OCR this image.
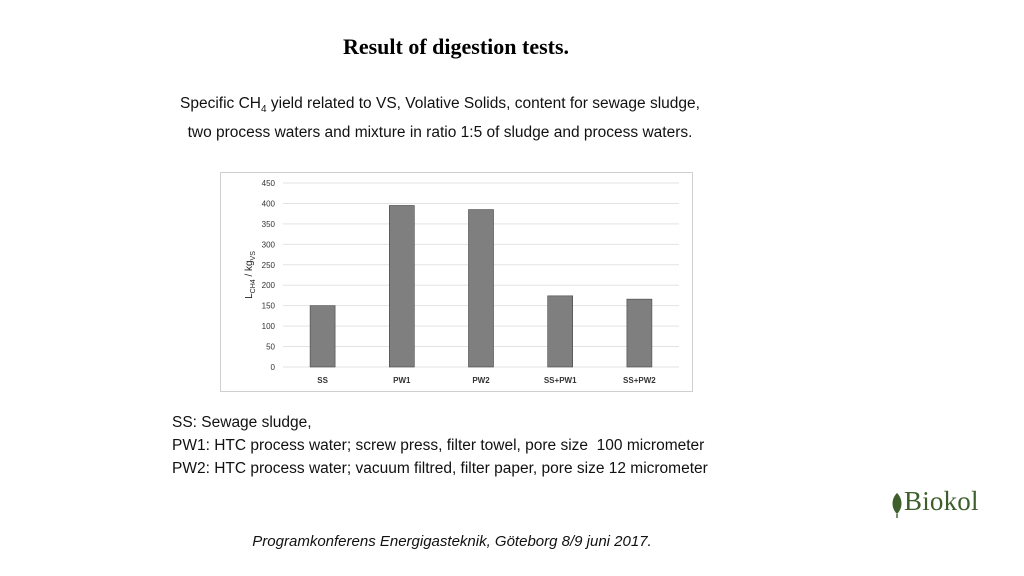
Result of digestion tests.
Specific $CH_4$ yield related to VS, Volative Solids, content for sewage sludge,
two process waters and mixture in ratio 1:5 of sludge and process waters.
0
50
100
150
200
250
300
350
400
450
SS	PW1	PW2	SS+PW1	SS+PW2
$L_{CH4} / kg_{VS}$
SS: Sewage sludge,
PW1: HTC process water; screw press, filter towel, pore size  100 micrometer
PW2: HTC process water; vacuum filtred, filter paper, pore size 12 micrometer
Programkonferens Energigasteknik, Göteborg 8/9 juni 2017.
Biokol
